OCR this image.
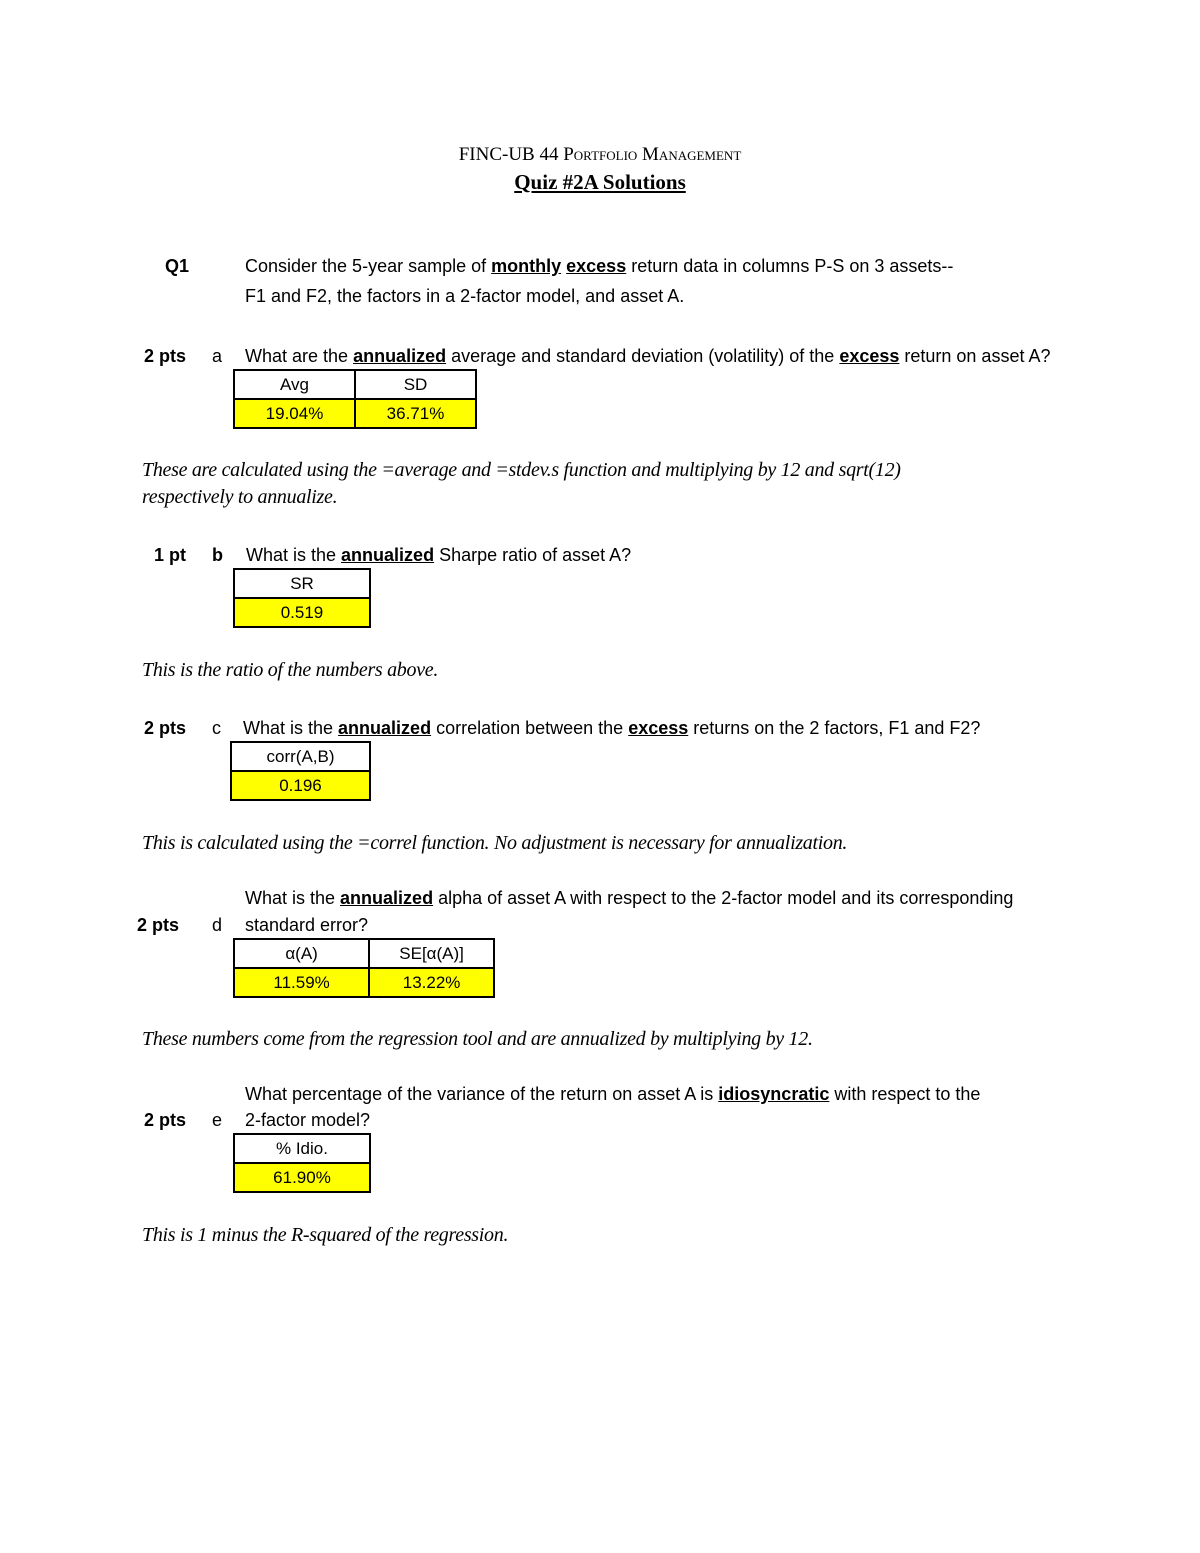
FINC-UB 44 Portfolio Management
Quiz #2A Solutions
Q1	Consider the 5-year sample of monthly excess return data in columns P-S on 3 assets--
F1 and F2, the factors in a 2-factor model, and asset A.
2 pts a What are the annualized average and standard deviation (volatility) of the excess return on asset A?
Avg	SD
19.04%	36.71%
These are calculated using the =average and =stdev.s function and multiplying by 12 and sqrt(12)
respectively to annualize.
1 pt b What is the annualized Sharpe ratio of asset A?
SR
0.519
This is the ratio of the numbers above.
2 pts c What is the annualized correlation between the excess returns on the 2 factors, F1 and F2?
corr(A,B)
0.196
This is calculated using the =correl function. No adjustment is necessary for annualization.
What is the annualized alpha of asset A with respect to the 2-factor model and its corresponding
2 pts d standard error?
α(A)	SE[α(A)]
11.59%	13.22%
These numbers come from the regression tool and are annualized by multiplying by 12.
What percentage of the variance of the return on asset A is idiosyncratic with respect to the
2 pts e 2-factor model?
% Idio.
61.90%
This is 1 minus the R-squared of the regression.
